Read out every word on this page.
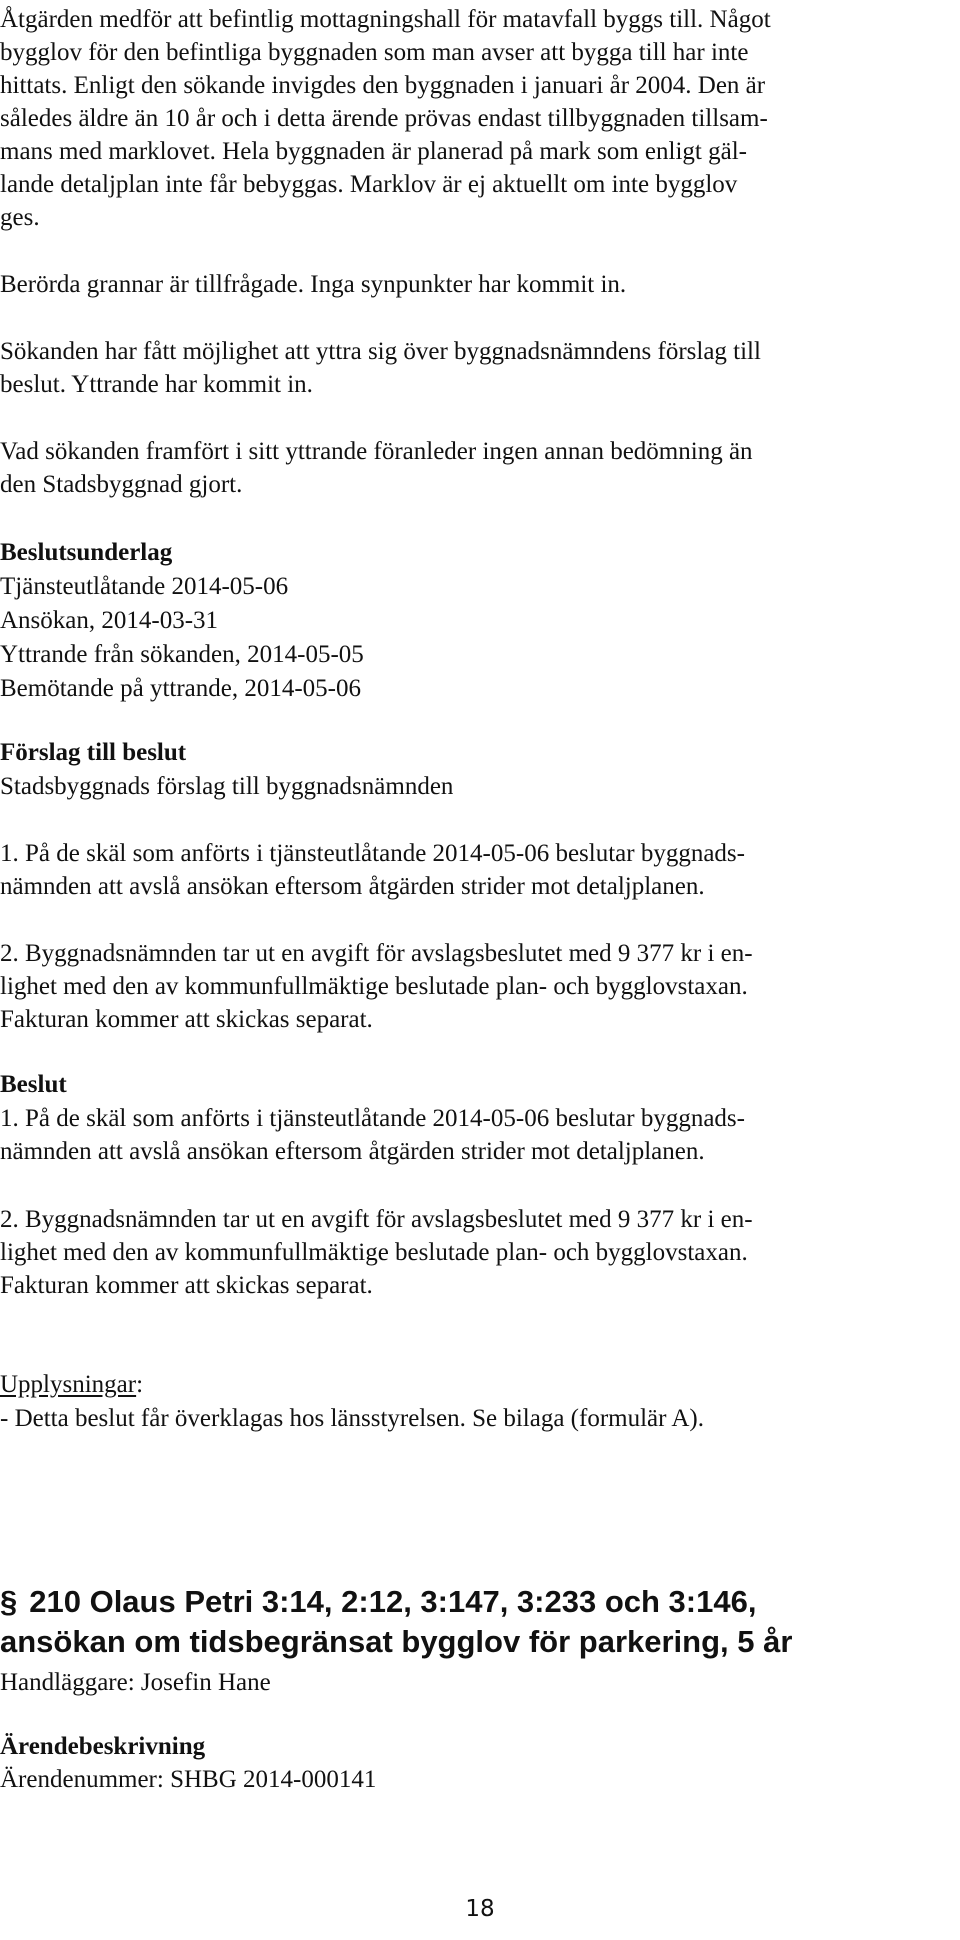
Åtgärden medför att befintlig mottagningshall för matavfall byggs till. Något
bygglov för den befintliga byggnaden som man avser att bygga till har inte
hittats. Enligt den sökande invigdes den byggnaden i januari år 2004. Den är
således äldre än 10 år och i detta ärende prövas endast tillbyggnaden tillsam-
mans med marklovet. Hela byggnaden är planerad på mark som enligt gäl-
lande detaljplan inte får bebyggas. Marklov är ej aktuellt om inte bygglov
ges.
Berörda grannar är tillfrågade. Inga synpunkter har kommit in.
Sökanden har fått möjlighet att yttra sig över byggnadsnämndens förslag till
beslut. Yttrande har kommit in.
Vad sökanden framfört i sitt yttrande föranleder ingen annan bedömning än
den Stadsbyggnad gjort.
Beslutsunderlag
Tjänsteutlåtande 2014-05-06
Ansökan, 2014-03-31
Yttrande från sökanden, 2014-05-05
Bemötande på yttrande, 2014-05-06
Förslag till beslut
Stadsbyggnads förslag till byggnadsnämnden
1. På de skäl som anförts i tjänsteutlåtande 2014-05-06 beslutar byggnads-
nämnden att avslå ansökan eftersom åtgärden strider mot detaljplanen.
2. Byggnadsnämnden tar ut en avgift för avslagsbeslutet med 9 377 kr i en-
lighet med den av kommunfullmäktige beslutade plan- och bygglovstaxan.
Fakturan kommer att skickas separat.
Beslut
1. På de skäl som anförts i tjänsteutlåtande 2014-05-06 beslutar byggnads-
nämnden att avslå ansökan eftersom åtgärden strider mot detaljplanen.
2. Byggnadsnämnden tar ut en avgift för avslagsbeslutet med 9 377 kr i en-
lighet med den av kommunfullmäktige beslutade plan- och bygglovstaxan.
Fakturan kommer att skickas separat.
Upplysningar:
- Detta beslut får överklagas hos länsstyrelsen. Se bilaga (formulär A).
§ 210 Olaus Petri 3:14, 2:12, 3:147, 3:233 och 3:146,
ansökan om tidsbegränsat bygglov för parkering, 5 år
Handläggare: Josefin Hane
Ärendebeskrivning
Ärendenummer: SHBG 2014-000141
18
